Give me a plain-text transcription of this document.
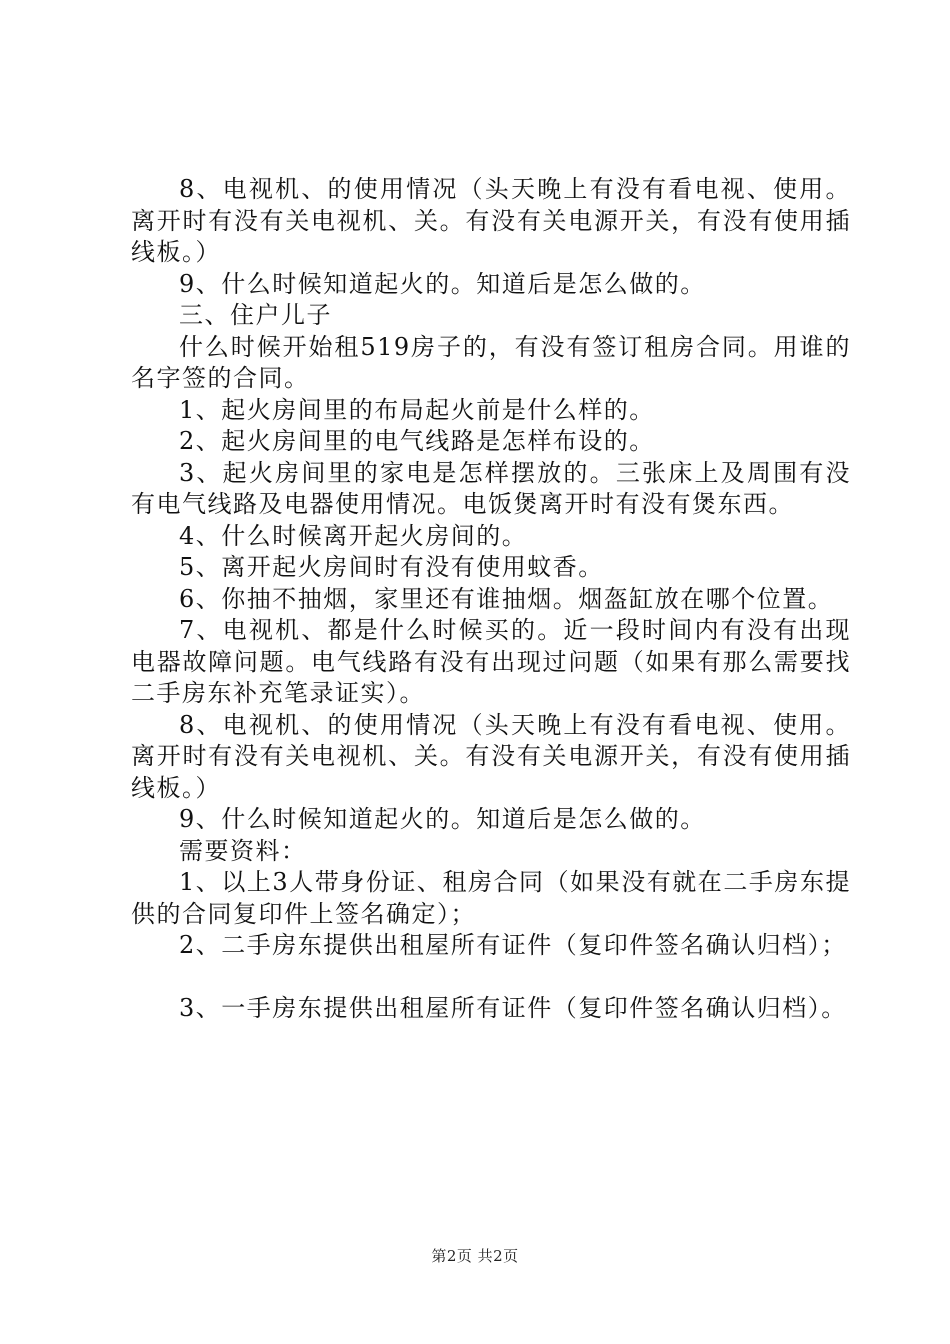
8、电视机、的使用情况（头天晚上有没有看电视、使用。离开时有没有关电视机、关。有没有关电源开关，有没有使用插线板。）

9、什么时候知道起火的。知道后是怎么做的。

三、住户儿子

什么时候开始租519房子的，有没有签订租房合同。用谁的名字签的合同。

1、起火房间里的布局起火前是什么样的。

2、起火房间里的电气线路是怎样布设的。

3、起火房间里的家电是怎样摆放的。三张床上及周围有没有电气线路及电器使用情况。电饭煲离开时有没有煲东西。

4、什么时候离开起火房间的。

5、离开起火房间时有没有使用蚊香。

6、你抽不抽烟，家里还有谁抽烟。烟盔缸放在哪个位置。

7、电视机、都是什么时候买的。近一段时间内有没有出现电器故障问题。电气线路有没有出现过问题（如果有那么需要找二手房东补充笔录证实）。

8、电视机、的使用情况（头天晚上有没有看电视、使用。离开时有没有关电视机、关。有没有关电源开关，有没有使用插线板。）

9、什么时候知道起火的。知道后是怎么做的。

需要资料：

1、以上3人带身份证、租房合同（如果没有就在二手房东提供的合同复印件上签名确定）；

2、二手房东提供出租屋所有证件（复印件签名确认归档）；

3、一手房东提供出租屋所有证件（复印件签名确认归档）。

第2页 共2页
